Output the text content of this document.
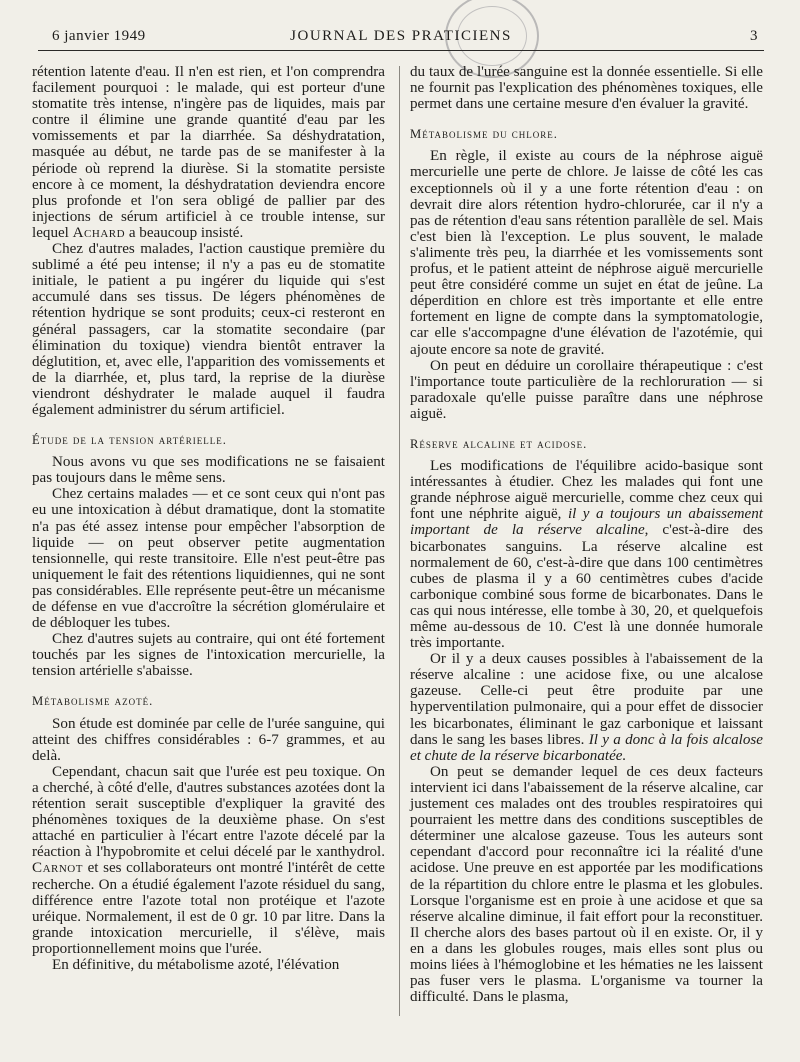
6 janvier 1949	JOURNAL DES PRATICIENS	3

rétention latente d'eau. Il n'en est rien, et l'on comprendra facilement pourquoi : le malade, qui est porteur d'une stomatite très intense, n'ingère pas de liquides, mais par contre il élimine une grande quantité d'eau par les vomissements et par la diarrhée. Sa déshydratation, masquée au début, ne tarde pas de se manifester à la période où reprend la diurèse. Si la stomatite persiste encore à ce moment, la déshydratation deviendra encore plus profonde et l'on sera obligé de pallier par des injections de sérum artificiel à ce trouble intense, sur lequel Achard a beaucoup insisté.

Chez d'autres malades, l'action caustique première du sublimé a été peu intense; il n'y a pas eu de stomatite initiale, le patient a pu ingérer du liquide qui s'est accumulé dans ses tissus. De légers phénomènes de rétention hydrique se sont produits; ceux-ci resteront en général passagers, car la stomatite secondaire (par élimination du toxique) viendra bientôt entraver la déglutition, et, avec elle, l'apparition des vomissements et de la diarrhée, et, plus tard, la reprise de la diurèse viendront déshydrater le malade auquel il faudra également administrer du sérum artificiel.

Étude de la tension artérielle.

Nous avons vu que ses modifications ne se faisaient pas toujours dans le même sens.

Chez certains malades — et ce sont ceux qui n'ont pas eu une intoxication à début dramatique, dont la stomatite n'a pas été assez intense pour empêcher l'absorption de liquide — on peut observer petite augmentation tensionnelle, qui reste transitoire. Elle n'est peut-être pas uniquement le fait des rétentions liquidiennes, qui ne sont pas considérables. Elle représente peut-être un mécanisme de défense en vue d'accroître la sécrétion glomérulaire et de débloquer les tubes.

Chez d'autres sujets au contraire, qui ont été fortement touchés par les signes de l'intoxication mercurielle, la tension artérielle s'abaisse.

Métabolisme azoté.

Son étude est dominée par celle de l'urée sanguine, qui atteint des chiffres considérables : 6-7 grammes, et au delà.

Cependant, chacun sait que l'urée est peu toxique. On a cherché, à côté d'elle, d'autres substances azotées dont la rétention serait susceptible d'expliquer la gravité des phénomènes toxiques de la deuxième phase. On s'est attaché en particulier à l'écart entre l'azote décelé par la réaction à l'hypobromite et celui décelé par le xanthydrol. Carnot et ses collaborateurs ont montré l'intérêt de cette recherche. On a étudié également l'azote résiduel du sang, différence entre l'azote total non protéique et l'azote uréique. Normalement, il est de 0 gr. 10 par litre. Dans la grande intoxication mercurielle, il s'élève, mais proportionnellement moins que l'urée.

En définitive, du métabolisme azoté, l'élévation

du taux de l'urée sanguine est la donnée essentielle. Si elle ne fournit pas l'explication des phénomènes toxiques, elle permet dans une certaine mesure d'en évaluer la gravité.

Métabolisme du chlore.

En règle, il existe au cours de la néphrose aiguë mercurielle une perte de chlore. Je laisse de côté les cas exceptionnels où il y a une forte rétention d'eau : on devrait dire alors rétention hydro-chlorurée, car il n'y a pas de rétention d'eau sans rétention parallèle de sel. Mais c'est bien là l'exception. Le plus souvent, le malade s'alimente très peu, la diarrhée et les vomissements sont profus, et le patient atteint de néphrose aiguë mercurielle peut être considéré comme un sujet en état de jeûne. La déperdition en chlore est très importante et elle entre fortement en ligne de compte dans la symptomatologie, car elle s'accompagne d'une élévation de l'azotémie, qui ajoute encore sa note de gravité.

On peut en déduire un corollaire thérapeutique : c'est l'importance toute particulière de la rechloruration — si paradoxale qu'elle puisse paraître dans une néphrose aiguë.

Réserve alcaline et acidose.

Les modifications de l'équilibre acido-basique sont intéressantes à étudier. Chez les malades qui font une grande néphrose aiguë mercurielle, comme chez ceux qui font une néphrite aiguë, il y a toujours un abaissement important de la réserve alcaline, c'est-à-dire des bicarbonates sanguins. La réserve alcaline est normalement de 60, c'est-à-dire que dans 100 centimètres cubes de plasma il y a 60 centimètres cubes d'acide carbonique combiné sous forme de bicarbonates. Dans le cas qui nous intéresse, elle tombe à 30, 20, et quelquefois même au-dessous de 10. C'est là une donnée humorale très importante.

Or il y a deux causes possibles à l'abaissement de la réserve alcaline : une acidose fixe, ou une alcalose gazeuse. Celle-ci peut être produite par une hyperventilation pulmonaire, qui a pour effet de dissocier les bicarbonates, éliminant le gaz carbonique et laissant dans le sang les bases libres. Il y a donc à la fois alcalose et chute de la réserve bicarbonatée.

On peut se demander lequel de ces deux facteurs intervient ici dans l'abaissement de la réserve alcaline, car justement ces malades ont des troubles respiratoires qui pourraient les mettre dans des conditions susceptibles de déterminer une alcalose gazeuse. Tous les auteurs sont cependant d'accord pour reconnaître ici la réalité d'une acidose. Une preuve en est apportée par les modifications de la répartition du chlore entre le plasma et les globules. Lorsque l'organisme est en proie à une acidose et que sa réserve alcaline diminue, il fait effort pour la reconstituer. Il cherche alors des bases partout où il en existe. Or, il y en a dans les globules rouges, mais elles sont plus ou moins liées à l'hémoglobine et les hématies ne les laissent pas fuser vers le plasma. L'organisme va tourner la difficulté. Dans le plasma,
